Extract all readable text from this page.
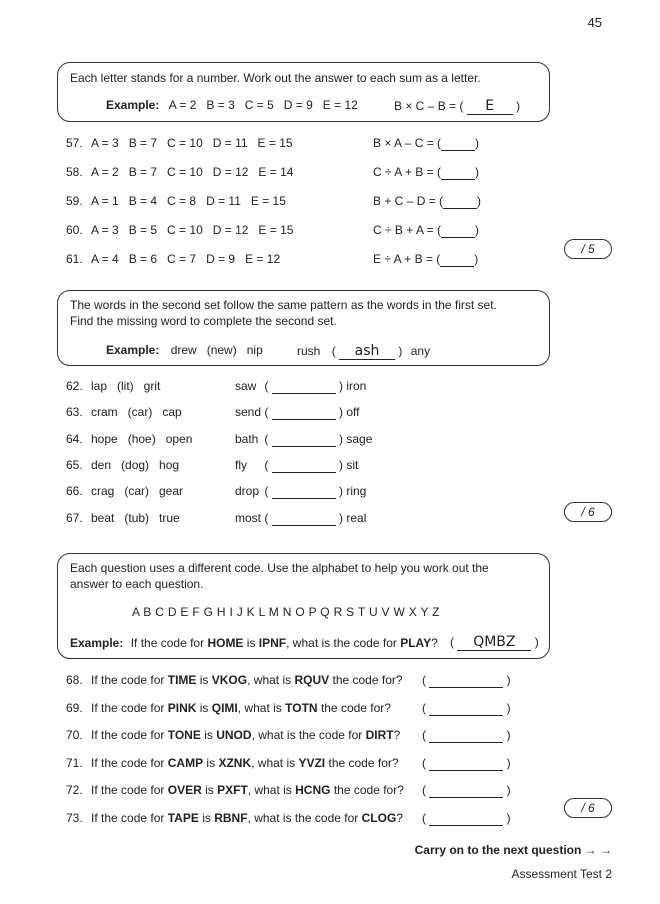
45
Each letter stands for a number. Work out the answer to each sum as a letter.
Example: A = 2   B = 3   C = 5   D = 9   E = 12	B × C – B = ( E )
57. A = 3   B = 7   C = 10   D = 11   E = 15	B × A – C = (	)
58. A = 2   B = 7   C = 10   D = 12   E = 14	C ÷ A + B = (	)
59. A = 1   B = 4   C = 8   D = 11   E = 15	B + C – D = (	)
60. A = 3   B = 5   C = 10   D = 12   E = 15	C ÷ B + A = (	)
61. A = 4   B = 6   C = 7   D = 9   E = 12	E ÷ A + B = (	)
/ 5
The words in the second set follow the same pattern as the words in the first set.
Find the missing word to complete the second set.
Example: drew   (new)   nip	rush ( ash ) any
62. lap   (lit)   grit	saw (	) iron
63. cram   (car)   cap	send (	) off
64. hope   (hoe)   open	bath (	) sage
65. den   (dog)   hog	fly (	) sit
66. crag   (car)   gear	drop (	) ring
67. beat   (tub)   true	most (	) real	/ 6
Each question uses a different code. Use the alphabet to help you work out the
answer to each question.
A B C D E F G H I J K L M N O P Q R S T U V W X Y Z
Example: If the code for HOME is IPNF, what is the code for PLAY? ( QMBZ )
68. If the code for TIME is VKOG, what is RQUV the code for? (	)
69. If the code for PINK is QIMI, what is TOTN the code for?	(	)
70. If the code for TONE is UNOD, what is the code for DIRT? (	)
71. If the code for CAMP is XZNK, what is YVZI the code for? (	)
72. If the code for OVER is PXFT, what is HCNG the code for? (	)
73. If the code for TAPE is RBNF, what is the code for CLOG? (	)
/ 6
Carry on to the next question → →
Assessment Test 2
